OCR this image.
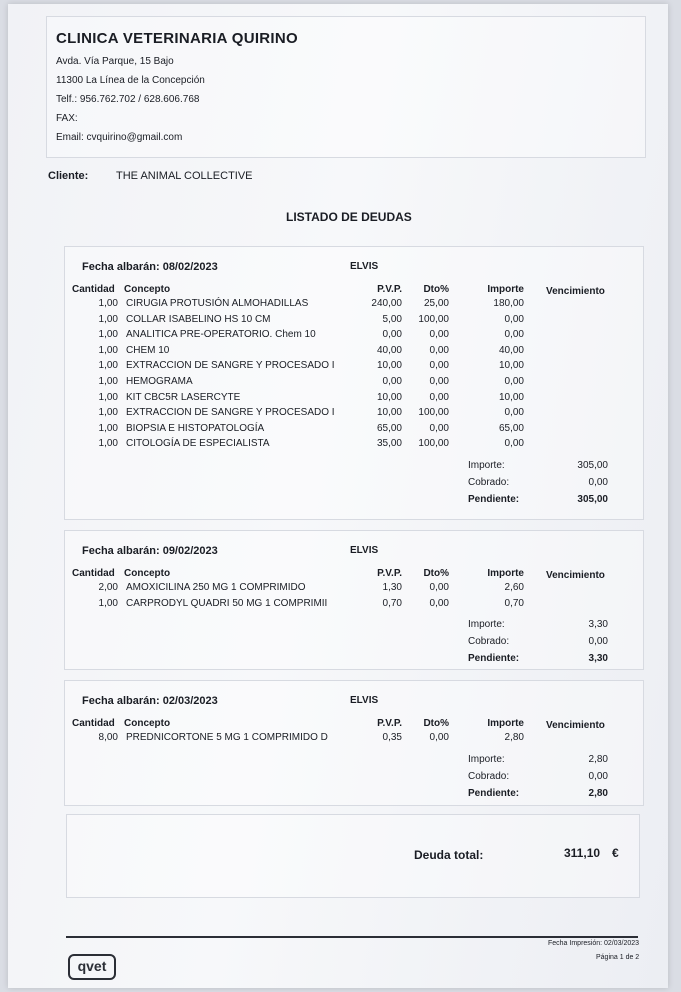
CLINICA VETERINARIA QUIRINO
Avda. Vía Parque, 15 Bajo
11300 La Línea de la Concepción
Telf.: 956.762.702 / 628.606.768
FAX:
Email: cvquirino@gmail.com
Cliente:	THE ANIMAL COLLECTIVE
LISTADO DE DEUDAS
Fecha albarán: 08/02/2023	ELVIS
Cantidad Concepto	P.V.P. Dto%	Importe Vencimiento
1,00 CIRUGIA PROTUSIÓN ALMOHADILLAS	240,00 25,00	180,00
1,00 COLLAR ISABELINO HS 10 CM	5,00 100,00	0,00
1,00 ANALITICA PRE-OPERATORIO. Chem 10	0,00	0,00	0,00
1,00 CHEM 10	40,00	0,00	40,00
1,00 EXTRACCION DE SANGRE Y PROCESADO I	10,00	0,00	10,00
1,00 HEMOGRAMA	0,00	0,00	0,00
1,00 KIT CBC5R LASERCYTE	10,00	0,00	10,00
1,00 EXTRACCION DE SANGRE Y PROCESADO I	10,00 100,00	0,00
1,00 BIOPSIA E HISTOPATOLOGÍA	65,00	0,00	65,00
1,00 CITOLOGÍA DE ESPECIALISTA	35,00 100,00	0,00
Importe:	305,00
Cobrado:	0,00
Pendiente:	305,00
Fecha albarán: 09/02/2023	ELVIS
Cantidad Concepto	P.V.P. Dto%	Importe Vencimiento
2,00 AMOXICILINA 250 MG 1 COMPRIMIDO	1,30	0,00	2,60
1,00 CARPRODYL QUADRI 50 MG 1 COMPRIMII	0,70	0,00	0,70
Importe:	3,30
Cobrado:	0,00
Pendiente:	3,30
Fecha albarán: 02/03/2023	ELVIS
Cantidad Concepto	P.V.P. Dto%	Importe Vencimiento
8,00 PREDNICORTONE 5 MG 1 COMPRIMIDO D	0,35	0,00	2,80
Importe:	2,80
Cobrado:	0,00
Pendiente:	2,80
Deuda total:	311,10 €
qvet
Fecha Impresión: 02/03/2023
Página 1 de 2
